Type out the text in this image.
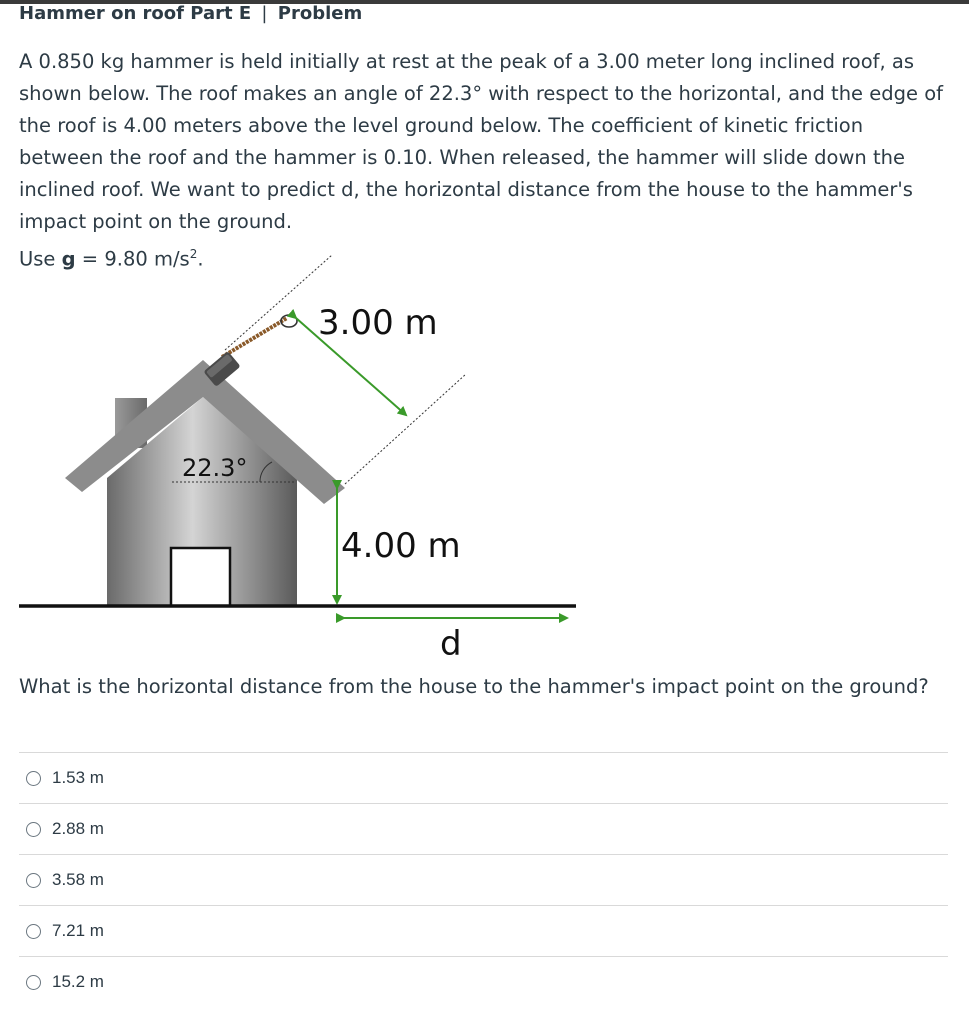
Hammer on roof Part E | Problem

A 0.850 kg hammer is held initially at rest at the peak of a 3.00 meter long inclined roof, as shown below. The roof makes an angle of 22.3° with respect to the horizontal, and the edge of the roof is 4.00 meters above the level ground below. The coefficient of kinetic friction between the roof and the hammer is 0.10. When released, the hammer will slide down the inclined roof. We want to predict d, the horizontal distance from the house to the hammer's impact point on the ground.
Use g = 9.80 $m/s^2$.

3.00 m
22.3°
4.00 m
d
What is the horizontal distance from the house to the hammer's impact point on the ground?
1.53 m
2.88 m
3.58 m
7.21 m
15.2 m
